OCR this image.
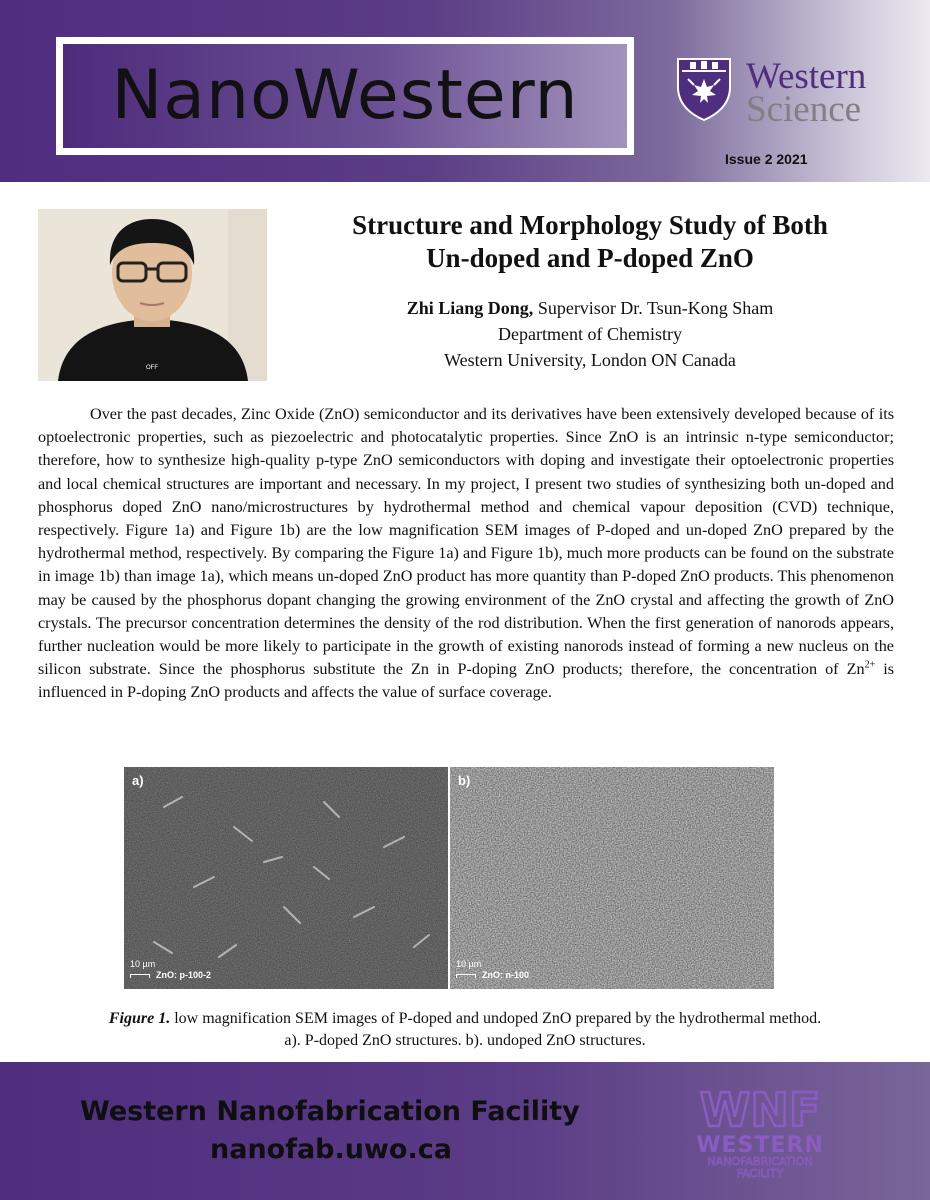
NanoWestern	Western
Science
Issue 2 2021
OFF
Structure and Morphology Study of Both
Un-doped and P-doped ZnO
Zhi Liang Dong, Supervisor Dr. Tsun-Kong Sham
Department of Chemistry
Western University, London ON Canada

Over the past decades, Zinc Oxide (ZnO) semiconductor and its derivatives have been extensively developed because of its optoelectronic properties, such as piezoelectric and photocatalytic properties. Since ZnO is an intrinsic n-type semiconductor; therefore, how to synthesize high-quality p-type ZnO semiconductors with doping and investigate their optoelectronic properties and local chemical structures are important and necessary. In my project, I present two studies of synthesizing both un-doped and phosphorus doped ZnO nano/microstructures by hydrothermal method and chemical vapour deposition (CVD) technique, respectively. Figure 1a) and Figure 1b) are the low magnification SEM images of P-doped and un-doped ZnO prepared by the hydrothermal method, respectively. By comparing the Figure 1a) and Figure 1b), much more products can be found on the substrate in image 1b) than image 1a), which means un-doped ZnO product has more quantity than P-doped ZnO products. This phenomenon may be caused by the phosphorus dopant changing the growing environment of the ZnO crystal and affecting the growth of ZnO crystals. The precursor concentration determines the density of the rod distribution. When the first generation of nanorods appears, further nucleation would be more likely to participate in the growth of existing nanorods instead of forming a new nucleus on the silicon substrate. Since the phosphorus substitute the Zn in P-doping ZnO products; therefore, the concentration of $Zn^{2+}$ is influenced in P-doping ZnO products and affects the value of surface coverage.

a)
10 µm
ZnO: p-100-2
b)
10 µm
ZnO: n-100
Figure 1. low magnification SEM images of P-doped and undoped ZnO prepared by the hydrothermal method.
a). P-doped ZnO structures. b). undoped ZnO structures.
Western Nanofabrication Facility
nanofab.uwo.ca
WNF
WESTERN
NANOFABRICATION
FACILITY
